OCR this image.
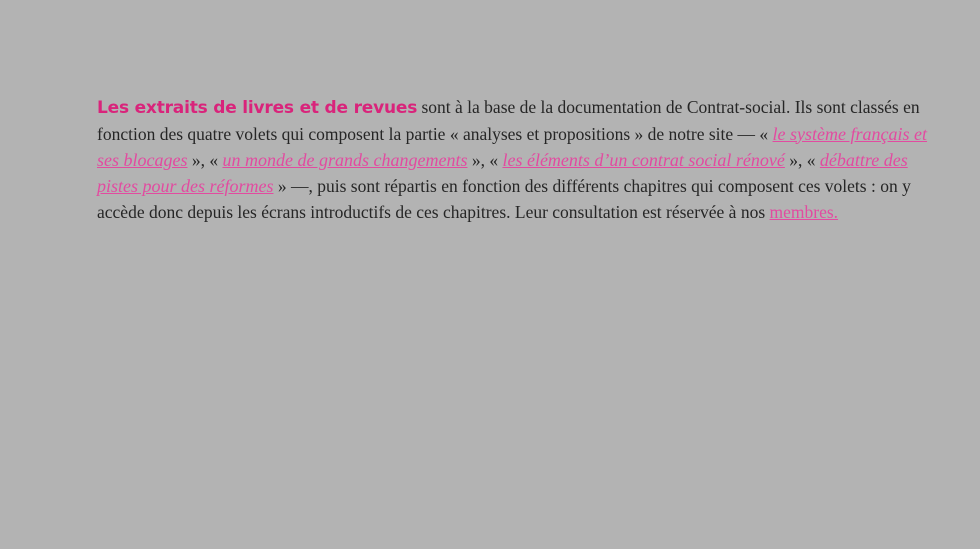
Les extraits de livres et de revues sont à la base de la documentation de Contrat-social. Ils sont classés en fonction des quatre volets qui composent la partie « analyses et propositions » de notre site — « le système français et ses blocages », « un monde de grands changements », « les éléments d’un contrat social rénové », « débattre des pistes pour des réformes » —, puis sont répartis en fonction des différents chapitres qui composent ces volets : on y accède donc depuis les écrans introductifs de ces chapitres. Leur consultation est réservée à nos membres.
